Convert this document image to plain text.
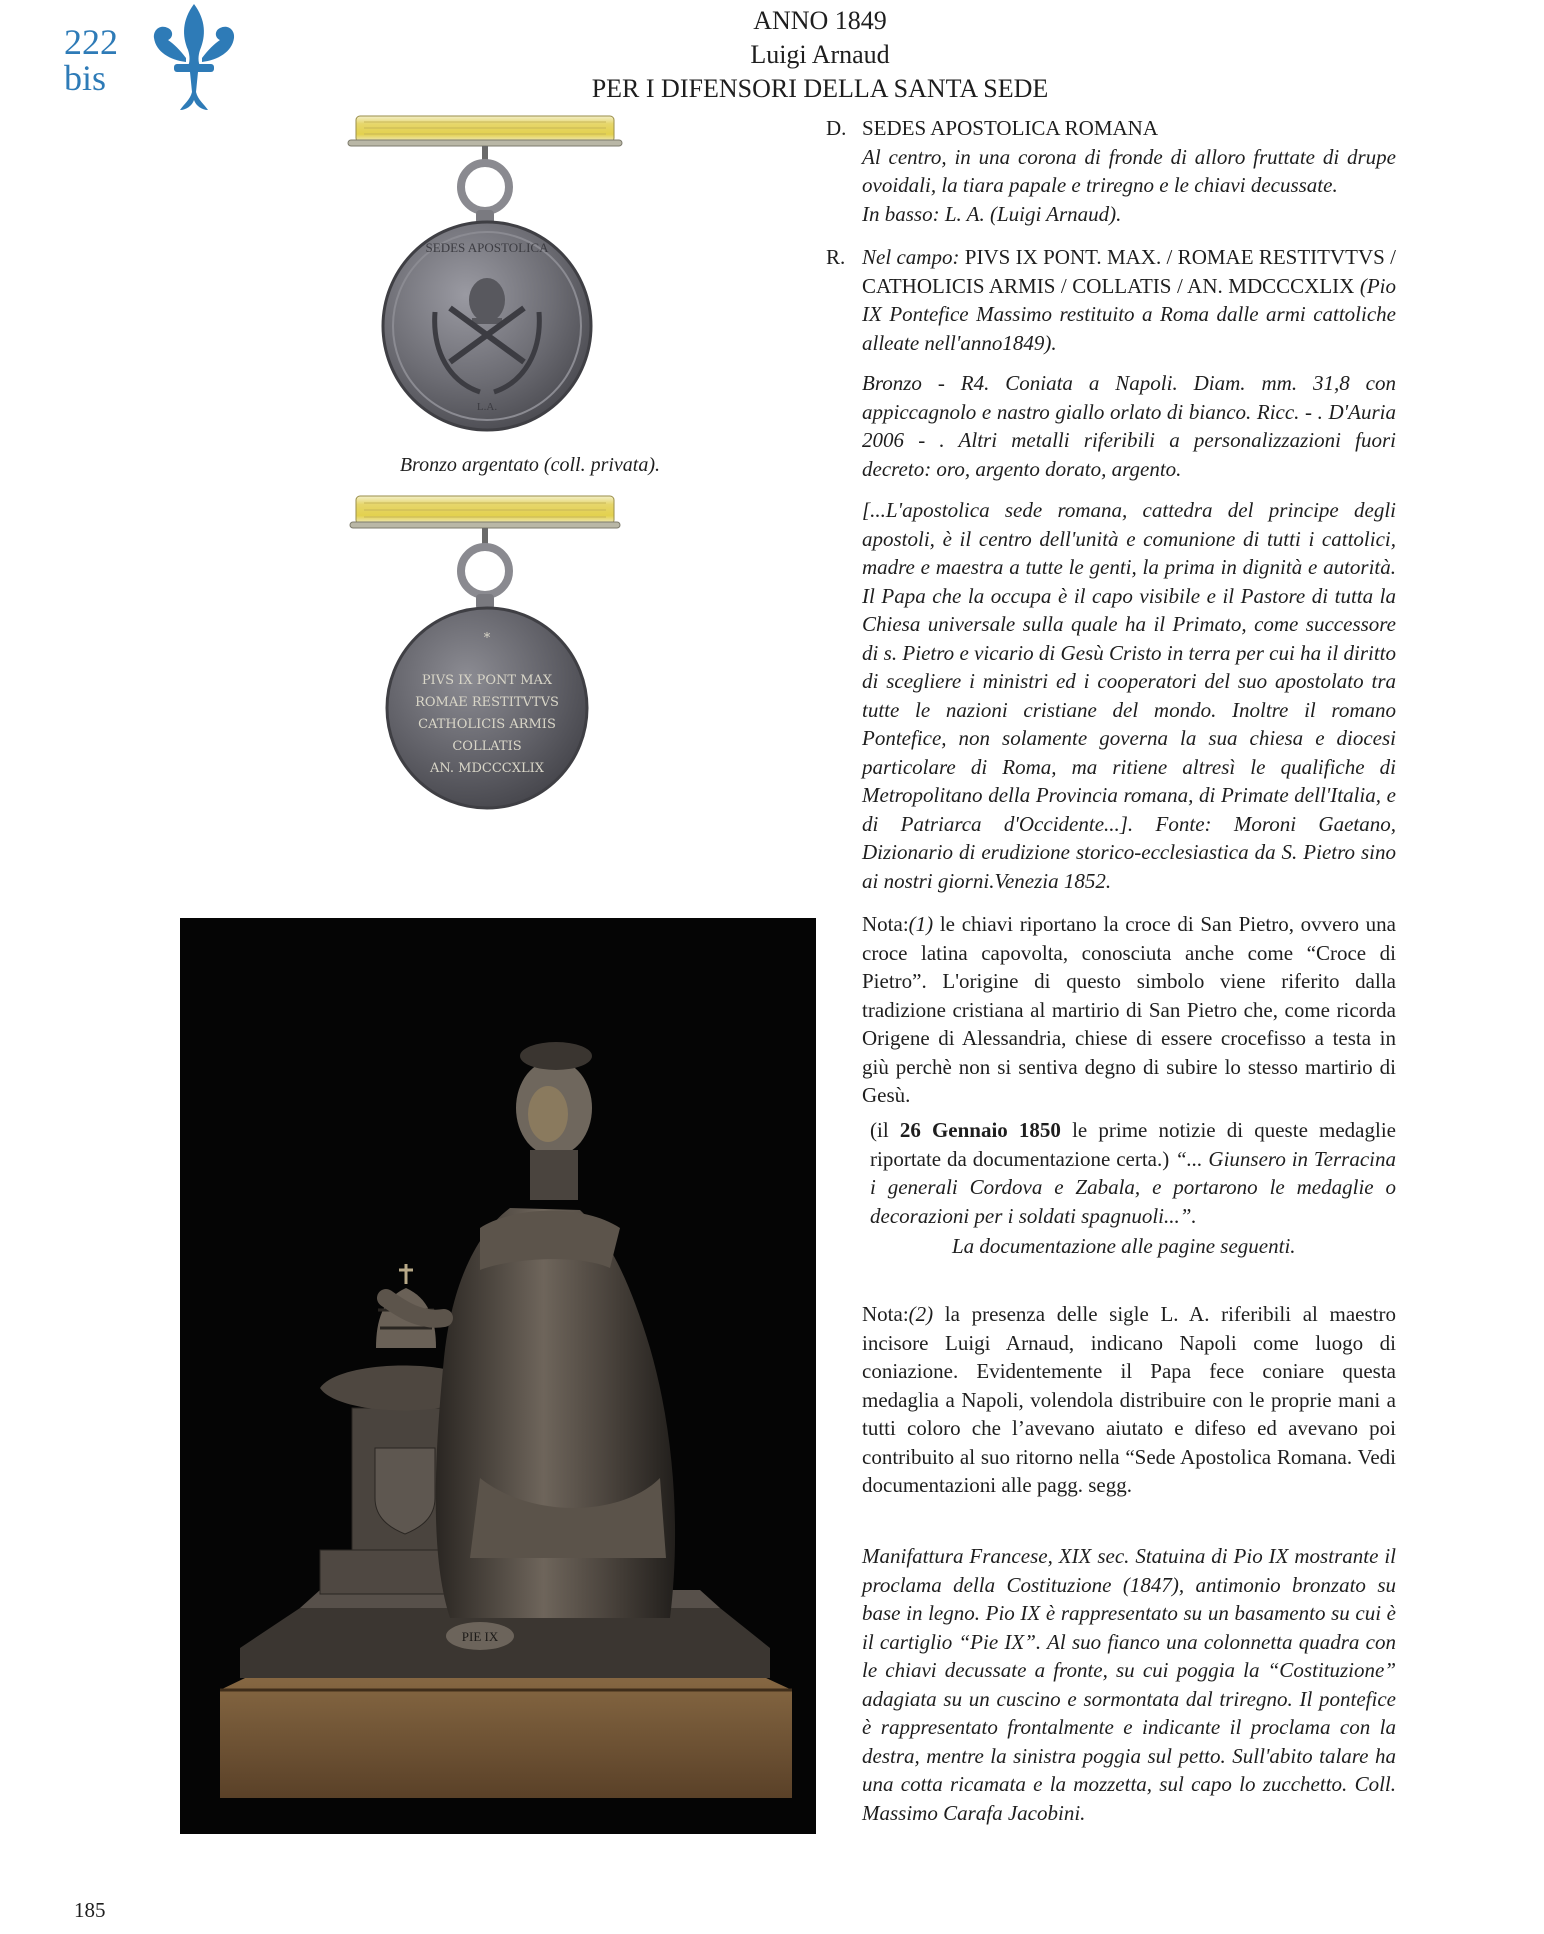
222
bis
ANNO 1849
Luigi Arnaud
PER I DIFENSORI DELLA SANTA SEDE
SEDES APOSTOLICA
L.A.
Bronzo argentato (coll. privata).
*
PIVS IX PONT MAX
ROMAE RESTITVTVS
CATHOLICIS ARMIS
COLLATIS
AN. MDCCCXLIX
PIE IX
D. SEDES APOSTOLICA ROMANA
Al centro, in una corona di fronde di alloro fruttate di drupe ovoidali, la tiara papale e triregno e le chiavi decussate.
In basso: L. A. (Luigi Arnaud).
R. Nel campo: PIVS IX PONT. MAX. / ROMAE RESTITVTVS / CATHOLICIS ARMIS / COLLATIS / AN. MDCCCXLIX (Pio IX Pontefice Massimo restituito a Roma dalle armi cattoliche alleate nell'anno1849).
Bronzo - R4. Coniata a Napoli. Diam. mm. 31,8 con appiccagnolo e nastro giallo orlato di bianco. Ricc. - . D'Auria 2006 - . Altri metalli riferibili a personalizzazioni fuori decreto: oro, argento dorato, argento.
[...L'apostolica sede romana, cattedra del principe degli apostoli, è il centro dell'unità e comunione di tutti i cattolici, madre e maestra a tutte le genti, la prima in dignità e autorità. Il Papa che la occupa è il capo visibile e il Pastore di tutta la Chiesa universale sulla quale ha il Primato, come successore di s. Pietro e vicario di Gesù Cristo in terra per cui ha il diritto di scegliere i ministri ed i cooperatori del suo apostolato tra tutte le nazioni cristiane del mondo. Inoltre il romano Pontefice, non solamente governa la sua chiesa e diocesi particolare di Roma, ma ritiene altresì le qualifiche di Metropolitano della Provincia romana, di Primate dell'Italia, e di Patriarca d'Occidente...]. Fonte: Moroni Gaetano, Dizionario di erudizione storico-ecclesiastica da S. Pietro sino ai nostri giorni.Venezia 1852.
Nota:(1) le chiavi riportano la croce di San Pietro, ovvero una croce latina capovolta, conosciuta anche come “Croce di Pietro”. L'origine di questo simbolo viene riferito dalla tradizione cristiana al martirio di San Pietro che, come ricorda Origene di Alessandria, chiese di essere crocefisso a testa in giù perchè non si sentiva degno di subire lo stesso martirio di Gesù.
(il 26 Gennaio 1850 le prime notizie di queste medaglie riportate da documentazione certa.) “... Giunsero in Terracina i generali Cordova e Zabala, e portarono le medaglie o decorazioni per i soldati spagnuoli...”.
La documentazione alle pagine seguenti.
Nota:(2) la presenza delle sigle L. A. riferibili al maestro incisore Luigi Arnaud, indicano Napoli come luogo di coniazione. Evidentemente il Papa fece coniare questa medaglia a Napoli, volendola distribuire con le proprie mani a tutti coloro che l’avevano aiutato e difeso ed avevano poi contribuito al suo ritorno nella “Sede Apostolica Romana. Vedi documentazioni alle pagg. segg.
Manifattura Francese, XIX sec. Statuina di Pio IX mostrante il proclama della Costituzione (1847), antimonio bronzato su base in legno. Pio IX è rappresentato su un basamento su cui è il cartiglio “Pie IX”. Al suo fianco una colonnetta quadra con le chiavi decussate a fronte, su cui poggia la “Costituzione” adagiata su un cuscino e sormontata dal triregno. Il pontefice è rappresentato frontalmente e indicante il proclama con la destra, mentre la sinistra poggia sul petto. Sull'abito talare ha una cotta ricamata e la mozzetta, sul capo lo zucchetto. Coll. Massimo Carafa Jacobini.
185
